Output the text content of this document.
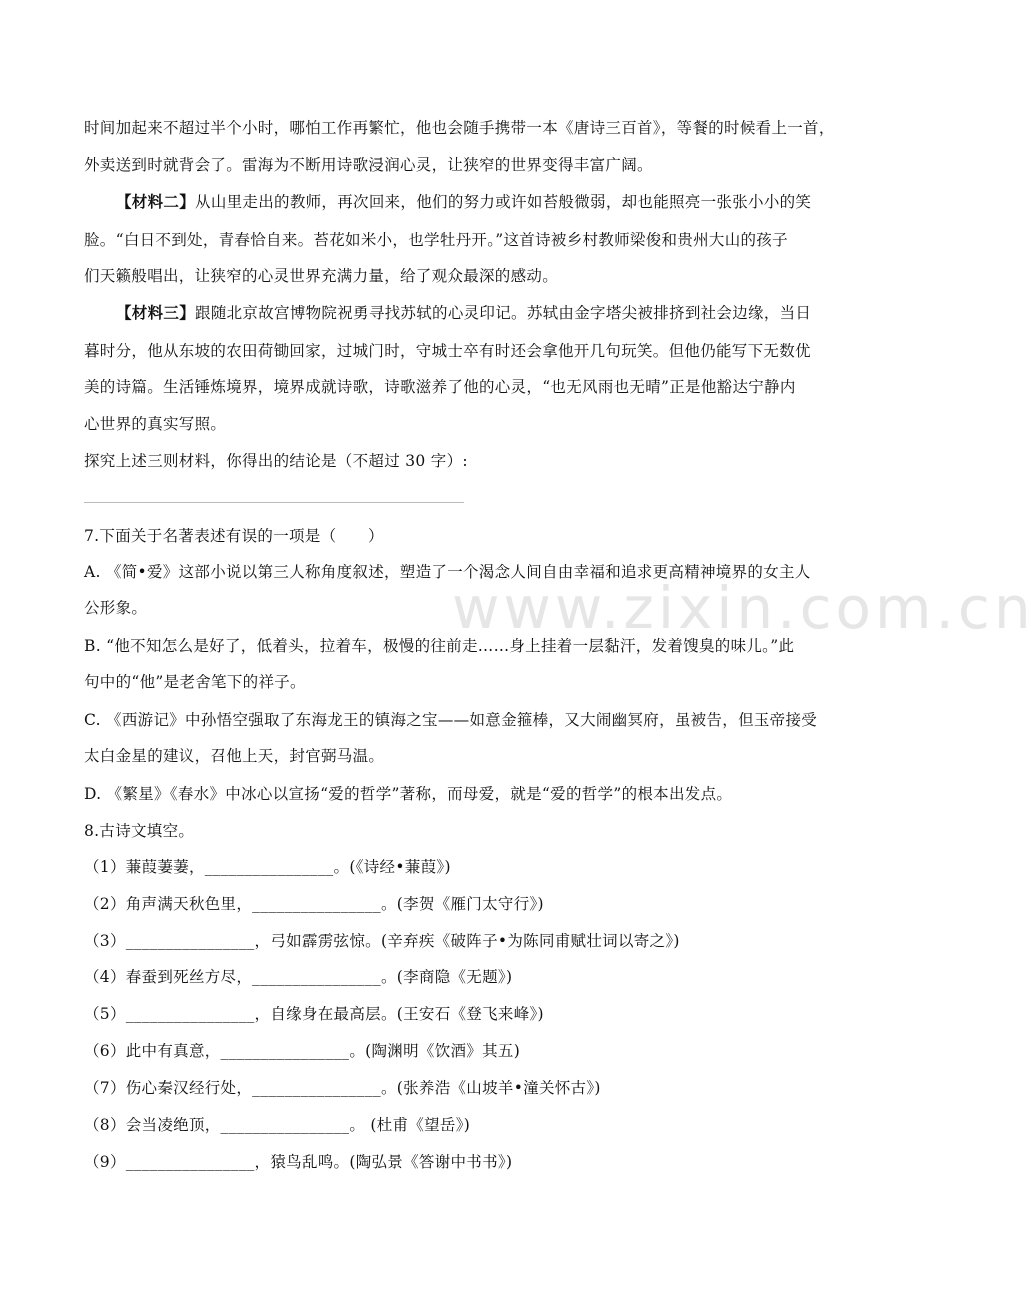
www.zixin.com.cn
时间加起来不超过半个小时，哪怕工作再繁忙，他也会随手携带一本《唐诗三百首》，等餐的时候看上一首，
外卖送到时就背会了。雷海为不断用诗歌浸润心灵，让狭窄的世界变得丰富广阔。
【材料二】从山里走出的教师，再次回来，他们的努力或许如苔般微弱，却也能照亮一张张小小的笑
脸。“白日不到处，青春恰自来。苔花如米小，也学牡丹开。”这首诗被乡村教师梁俊和贵州大山的孩子
们天籁般唱出，让狭窄的心灵世界充满力量，给了观众最深的感动。
【材料三】跟随北京故宫博物院祝勇寻找苏轼的心灵印记。苏轼由金字塔尖被排挤到社会边缘，当日
暮时分，他从东坡的农田荷锄回家，过城门时，守城士卒有时还会拿他开几句玩笑。但他仍能写下无数优
美的诗篇。生活锤炼境界，境界成就诗歌，诗歌滋养了他的心灵，“也无风雨也无晴”正是他豁达宁静内
心世界的真实写照。
探究上述三则材料，你得出的结论是（不超过 30 字）:
7.下面关于名著表述有误的一项是（　　）
A. 《简•爱》这部小说以第三人称角度叙述，塑造了一个渴念人间自由幸福和追求更高精神境界的女主人
公形象。
B. “他不知怎么是好了，低着头，拉着车，极慢的往前走……身上挂着一层黏汗，发着馊臭的味儿。”此
句中的“他”是老舍笔下的祥子。
C. 《西游记》中孙悟空强取了东海龙王的镇海之宝——如意金箍棒，又大闹幽冥府，虽被告，但玉帝接受
太白金星的建议，召他上天，封官弼马温。
D. 《繁星》《春水》中冰心以宣扬“爱的哲学”著称，而母爱，就是“爱的哲学”的根本出发点。
8.古诗文填空。
（1）蒹葭萋萋，________________。(《诗经•蒹葭》)
（2）角声满天秋色里，________________。(李贺《雁门太守行》)
（3）________________，弓如霹雳弦惊。(辛弃疾《破阵子•为陈同甫赋壮词以寄之》)
（4）春蚕到死丝方尽，________________。(李商隐《无题》)
（5）________________，自缘身在最高层。(王安石《登飞来峰》)
（6）此中有真意，________________。(陶渊明《饮酒》其五)
（7）伤心秦汉经行处，________________。(张养浩《山坡羊•潼关怀古》)
（8）会当凌绝顶，________________。 (杜甫《望岳》)
（9）________________，猿鸟乱鸣。(陶弘景《答谢中书书》)
